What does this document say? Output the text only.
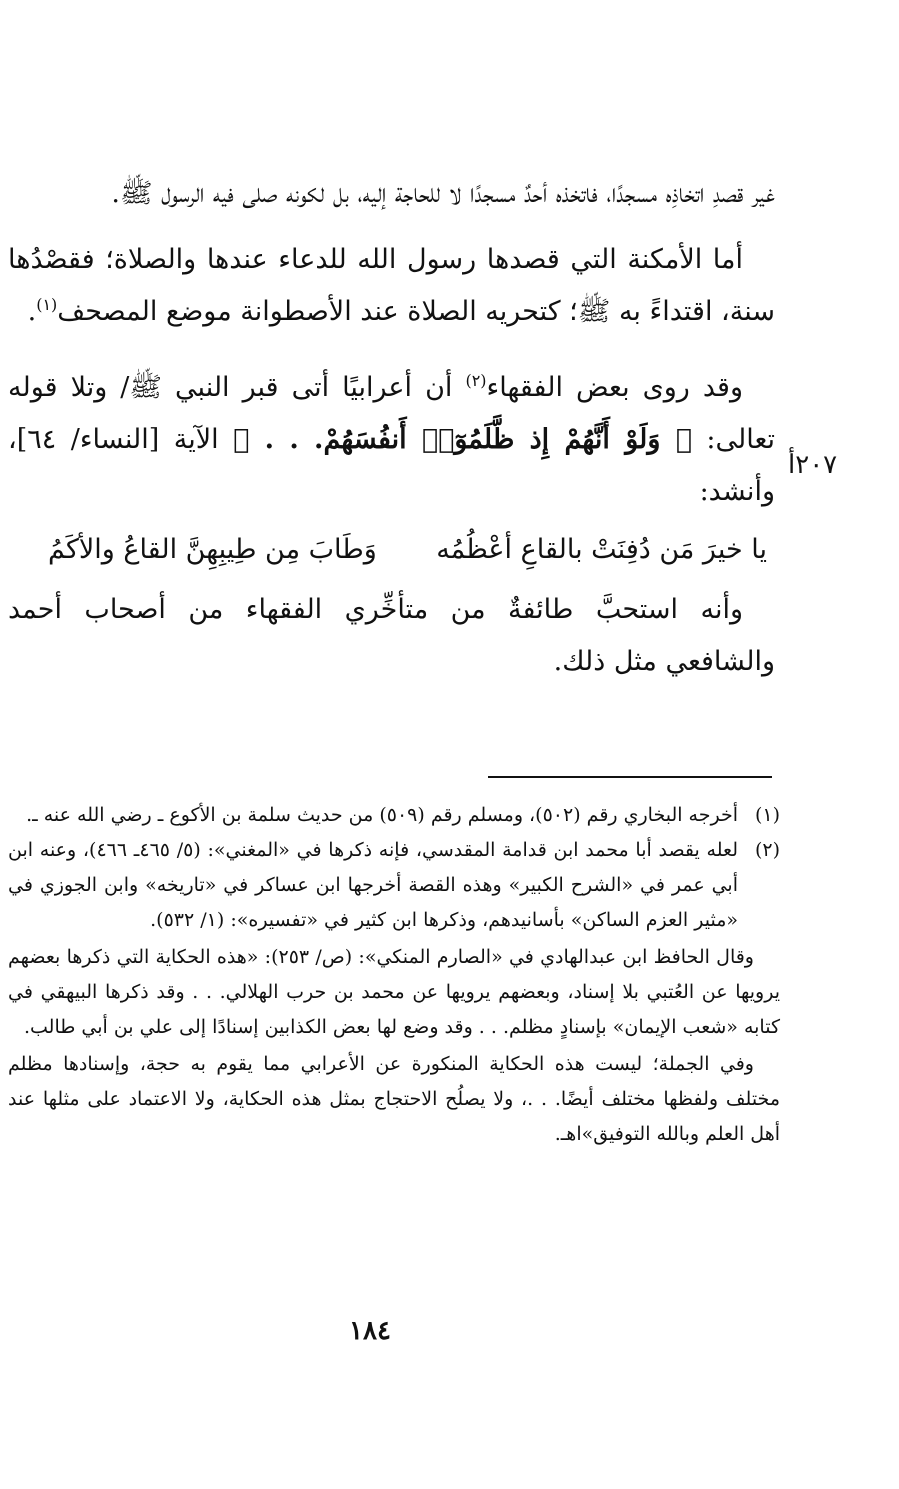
غير قصدِ اتخاذِه مسجدًا، فاتخذه أحدٌ مسجدًا لا للحاجة إليه، بل لكونه صلى فيه الرسول ﷺ.

أما الأمكنة التي قصدها رسول الله للدعاء عندها والصلاة؛ فقصْدُها سنة، اقتداءً به ﷺ؛ كتحريه الصلاة عند الأصطوانة موضع المصحف$^{(١)}$.

وقد روى بعض الفقهاء$^{(٢)}$ أن أعرابيًا أتى قبر النبي ﷺ/ وتلا قوله تعالى: ﴿ وَلَوْ أَنَّهُمْ إِذ ظَّلَمُوٓا۟ أَنفُسَهُمْ. . . ﴾ الآية [النساء/ ٦٤]، وأنشد:

يا خيرَ مَن دُفِنَتْ بالقاعِ أعْظُمُه
وَطَابَ مِن طِيبِهِنَّ القاعُ والأكَمُ

وأنه استحبَّ طائفةٌ من متأخِّري الفقهاء من أصحاب أحمد والشافعي مثل ذلك.

٢٠٧أ
(١)
أخرجه البخاري رقم (٥٠٢)، ومسلم رقم (٥٠٩) من حديث سلمة بن الأكوع ـ رضي الله عنه ـ.
(٢)
لعله يقصد أبا محمد ابن قدامة المقدسي، فإنه ذكرها في «المغني»: (٥/ ٤٦٥ـ ٤٦٦)، وعنه ابن أبي عمر في «الشرح الكبير» وهذه القصة أخرجها ابن عساكر في «تاريخه» وابن الجوزي في «مثير العزم الساكن» بأسانيدهم، وذكرها ابن كثير في «تفسيره»: (١/ ٥٣٢).

وقال الحافظ ابن عبدالهادي في «الصارم المنكي»: (ص/ ٢٥٣): «هذه الحكاية التي ذكرها بعضهم يرويها عن العُتبي بلا إسناد، وبعضهم يرويها عن محمد بن حرب الهلالي. . . وقد ذكرها البيهقي في كتابه «شعب الإيمان» بإسنادٍ مظلم. . . وقد وضع لها بعض الكذابين إسنادًا إلى علي بن أبي طالب.

وفي الجملة؛ ليست هذه الحكاية المنكورة عن الأعرابي مما يقوم به حجة، وإسنادها مظلم مختلف ولفظها مختلف أيضًا. . .، ولا يصلُح الاحتجاج بمثل هذه الحكاية، ولا الاعتماد على مثلها عند أهل العلم وبالله التوفيق»اهـ.

١٨٤
